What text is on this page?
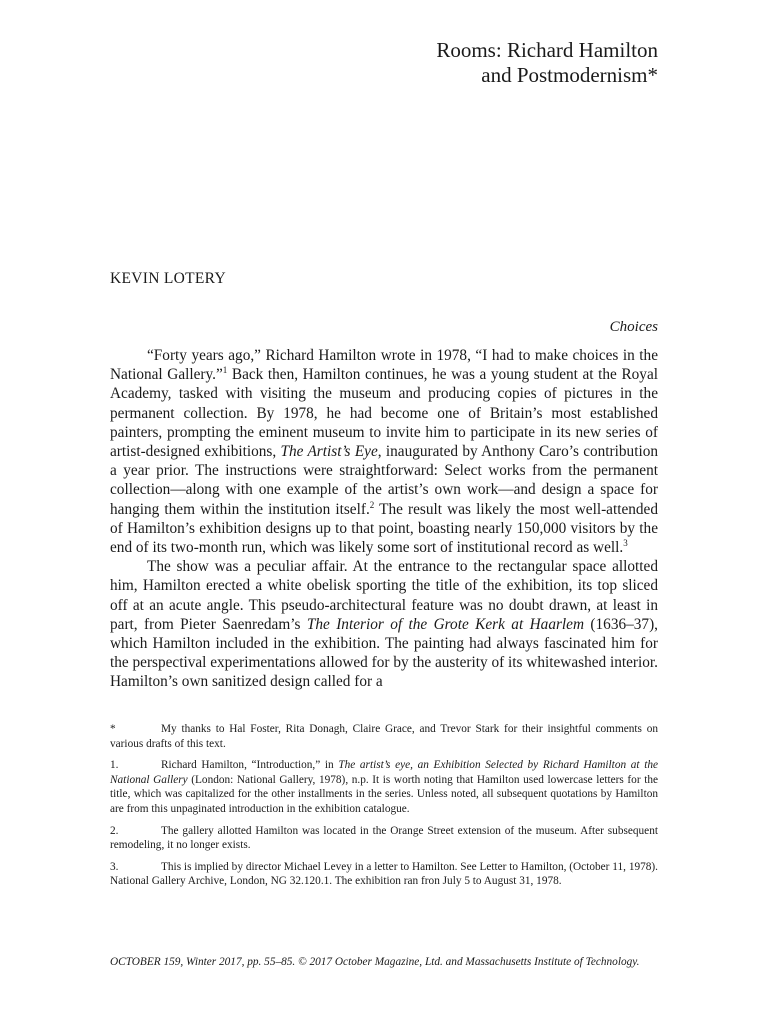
Rooms: Richard Hamilton
and Postmodernism*

KEVIN LOTERY

Choices

“Forty years ago,” Richard Hamilton wrote in 1978, “I had to make choices in the National Gallery.”$^1$ Back then, Hamilton continues, he was a young student at the Royal Academy, tasked with visiting the museum and producing copies of pictures in the permanent collection. By 1978, he had become one of Britain’s most established painters, prompting the eminent museum to invite him to participate in its new series of artist-designed exhibitions, The Artist’s Eye, inaugurated by Anthony Caro’s contribution a year prior. The instructions were straightforward: Select works from the permanent collection—along with one example of the artist’s own work—and design a space for hanging them within the institution itself.$^2$ The result was likely the most well-attended of Hamilton’s exhibition designs up to that point, boasting nearly 150,000 visitors by the end of its two-month run, which was likely some sort of institutional record as well.$^3$

The show was a peculiar affair. At the entrance to the rectangular space allotted him, Hamilton erected a white obelisk sporting the title of the exhibition, its top sliced off at an acute angle. This pseudo-architectural feature was no doubt drawn, at least in part, from Pieter Saenredam’s The Interior of the Grote Kerk at Haarlem (1636–37), which Hamilton included in the exhibition. The painting had always fascinated him for the perspectival experimentations allowed for by the austerity of its whitewashed interior. Hamilton’s own sanitized design called for a

*	My thanks to Hal Foster, Rita Donagh, Claire Grace, and Trevor Stark for their insightful comments on various drafts of this text.

1.	Richard Hamilton, “Introduction,” in The artist’s eye, an Exhibition Selected by Richard Hamilton at the National Gallery (London: National Gallery, 1978), n.p. It is worth noting that Hamilton used lowercase letters for the title, which was capitalized for the other installments in the series. Unless noted, all subsequent quotations by Hamilton are from this unpaginated introduction in the exhibition catalogue.

2.	The gallery allotted Hamilton was located in the Orange Street extension of the museum. After subsequent remodeling, it no longer exists.

3.	This is implied by director Michael Levey in a letter to Hamilton. See Letter to Hamilton, (October 11, 1978). National Gallery Archive, London, NG 32.120.1. The exhibition ran fron July 5 to August 31, 1978.

OCTOBER 159, Winter 2017, pp. 55–85. © 2017 October Magazine, Ltd. and Massachusetts Institute of Technology.
